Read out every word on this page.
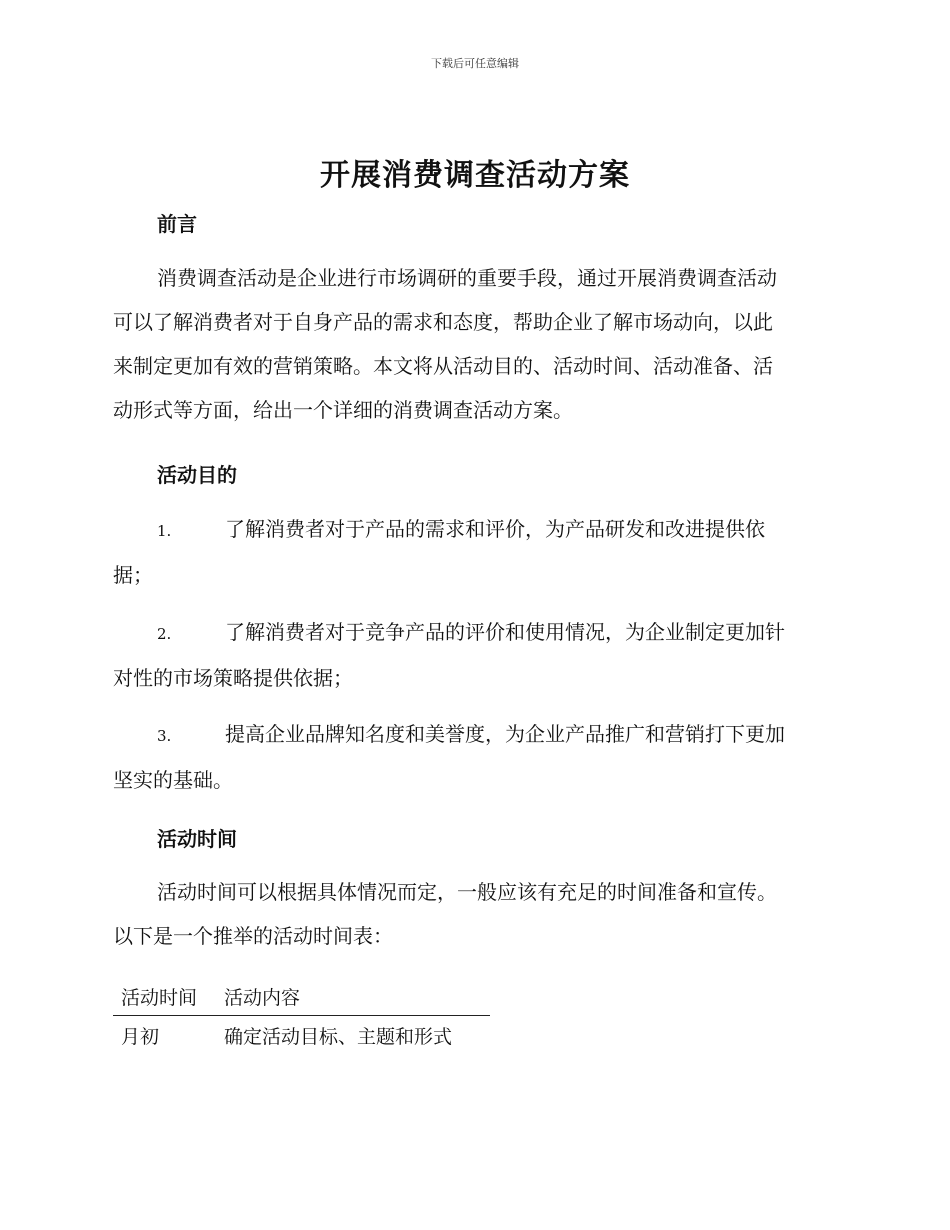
下载后可任意编辑
开展消费调查活动方案
前言
消费调查活动是企业进行市场调研的重要手段，通过开展消费调查活动
可以了解消费者对于自身产品的需求和态度，帮助企业了解市场动向，以此
来制定更加有效的营销策略。本文将从活动目的、活动时间、活动准备、活
动形式等方面，给出一个详细的消费调查活动方案。
活动目的
1.	了解消费者对于产品的需求和评价，为产品研发和改进提供依
据；
2.	了解消费者对于竞争产品的评价和使用情况，为企业制定更加针
对性的市场策略提供依据；
3.	提高企业品牌知名度和美誉度，为企业产品推广和营销打下更加
坚实的基础。
活动时间
活动时间可以根据具体情况而定，一般应该有充足的时间准备和宣传。
以下是一个推举的活动时间表：
活动时间	活动内容
月初	确定活动目标、主题和形式
